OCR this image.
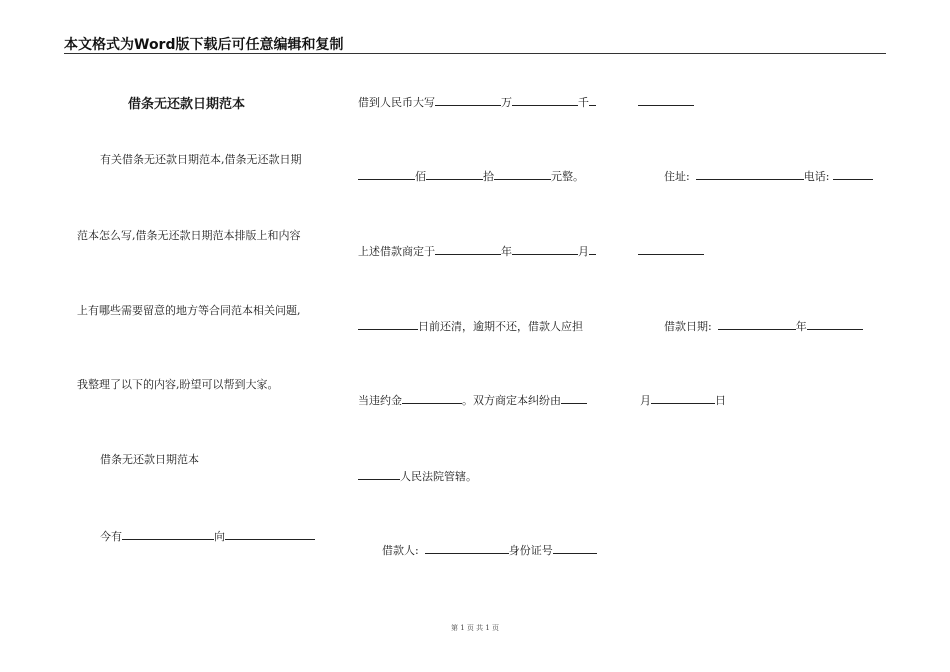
本文格式为Word版下载后可任意编辑和复制
借条无还款日期范本
有关借条无还款日期范本,借条无还款日期
范本怎么写,借条无还款日期范本排版上和内容
上有哪些需要留意的地方等合同范本相关问题,
我整理了以下的内容,盼望可以帮到大家。
借条无还款日期范本
今有	向
借到人民币大写	万	千
佰	拾	元整。
上述借款商定于	年	月
日前还清，逾期不还，借款人应担
当违约金	。双方商定本纠纷由
人民法院管辖。
借款人:	身份证号
住址:	电话:
借款日期:	年
月	日
第 1 页 共 1 页
